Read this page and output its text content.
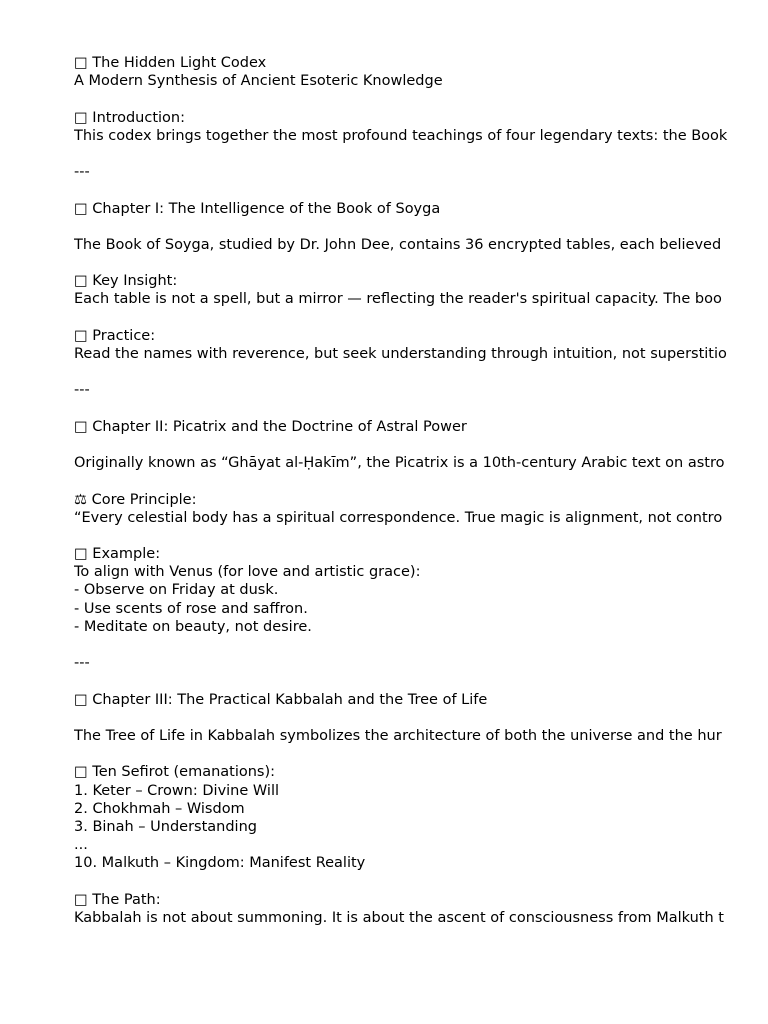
□ The Hidden Light Codex
A Modern Synthesis of Ancient Esoteric Knowledge
□ Introduction:
This codex brings together the most profound teachings of four legendary texts: the Book
---
□ Chapter I: The Intelligence of the Book of Soyga
The Book of Soyga, studied by Dr. John Dee, contains 36 encrypted tables, each believed
□ Key Insight:
Each table is not a spell, but a mirror — reflecting the reader's spiritual capacity. The boo
□ Practice:
Read the names with reverence, but seek understanding through intuition, not superstitio
---
□ Chapter II: Picatrix and the Doctrine of Astral Power
Originally known as “Ghāyat al-Ḥakīm”, the Picatrix is a 10th-century Arabic text on astro
⚖ Core Principle:
“Every celestial body has a spiritual correspondence. True magic is alignment, not contro
□ Example:
To align with Venus (for love and artistic grace):
- Observe on Friday at dusk.
- Use scents of rose and saffron.
- Meditate on beauty, not desire.
---
□ Chapter III: The Practical Kabbalah and the Tree of Life
The Tree of Life in Kabbalah symbolizes the architecture of both the universe and the hur
□ Ten Sefirot (emanations):
1. Keter – Crown: Divine Will
2. Chokhmah – Wisdom
3. Binah – Understanding
...
10. Malkuth – Kingdom: Manifest Reality
□ The Path:
Kabbalah is not about summoning. It is about the ascent of consciousness from Malkuth t
